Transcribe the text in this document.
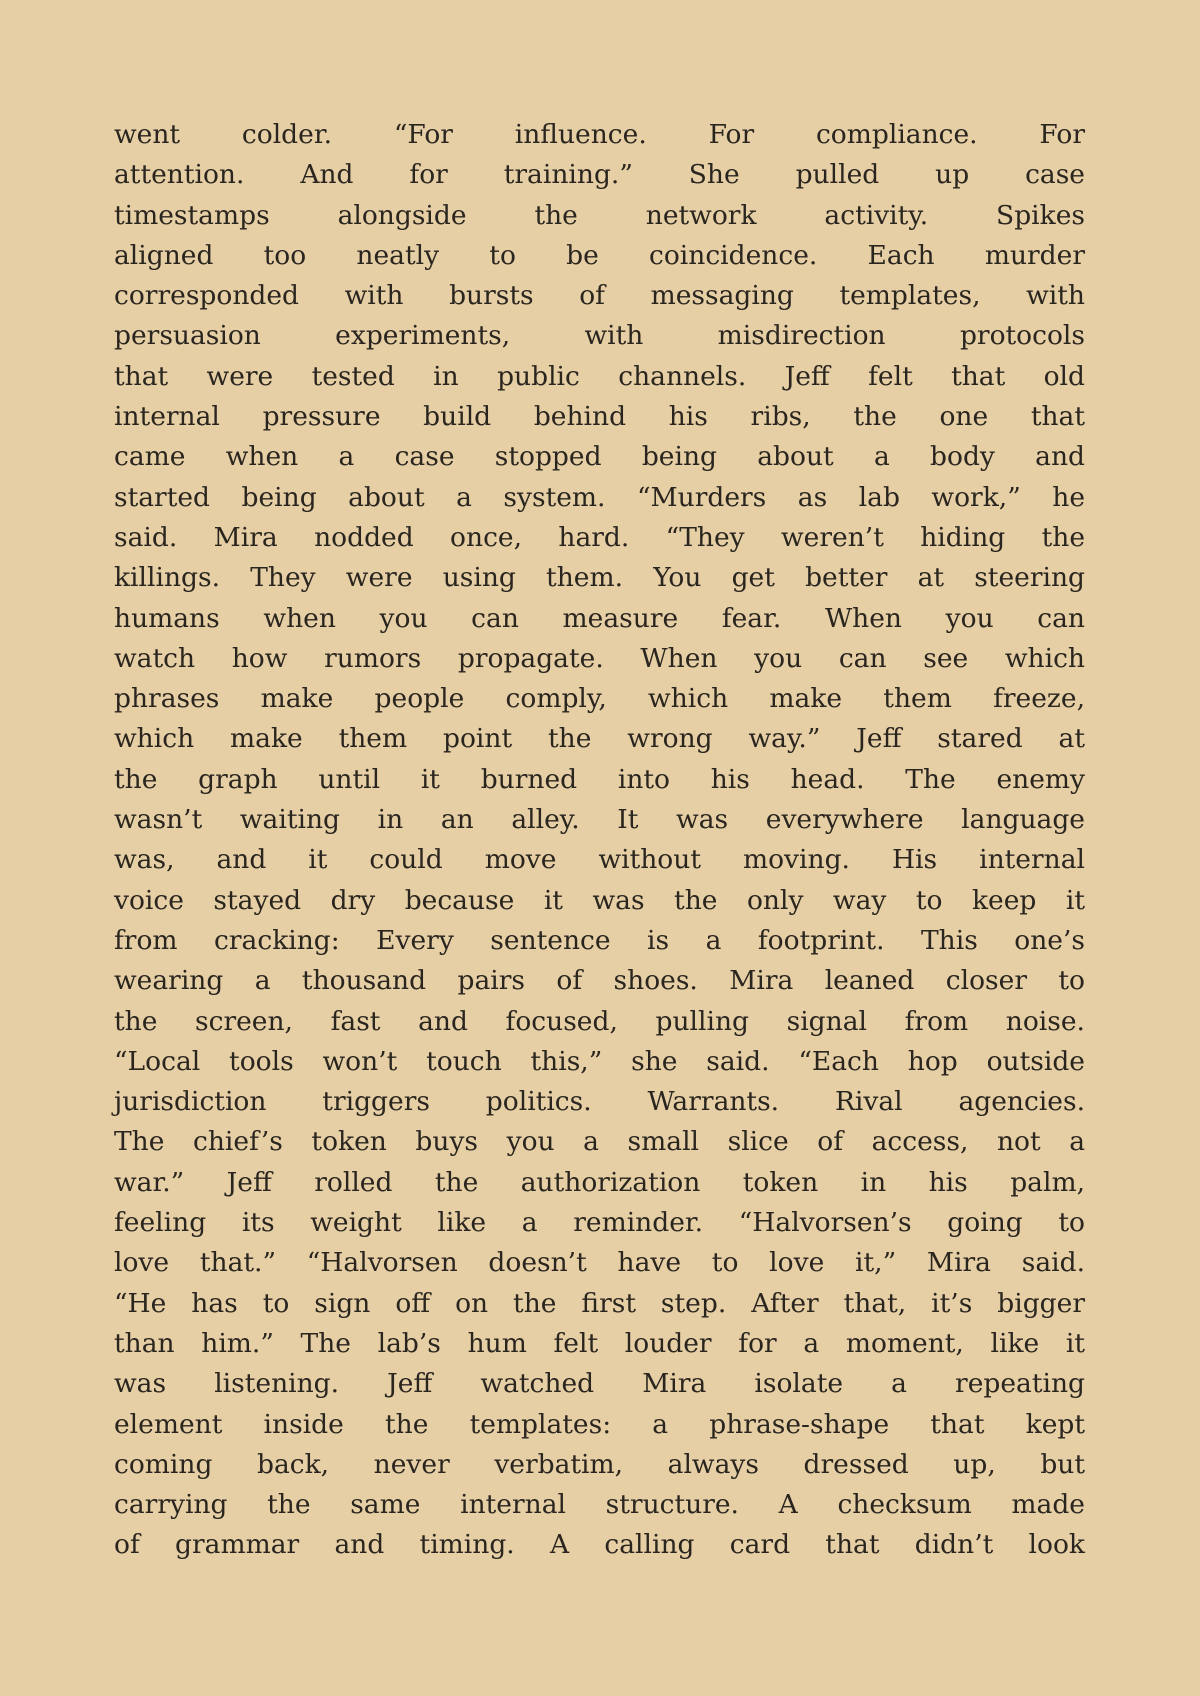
went colder. “For influence. For compliance. For
attention. And for training.” She pulled up case
timestamps alongside the network activity. Spikes
aligned too neatly to be coincidence. Each murder
corresponded with bursts of messaging templates, with
persuasion experiments, with misdirection protocols
that were tested in public channels. Jeff felt that old
internal pressure build behind his ribs, the one that
came when a case stopped being about a body and
started being about a system. “Murders as lab work,” he
said. Mira nodded once, hard. “They weren’t hiding the
killings. They were using them. You get better at steering
humans when you can measure fear. When you can
watch how rumors propagate. When you can see which
phrases make people comply, which make them freeze,
which make them point the wrong way.” Jeff stared at
the graph until it burned into his head. The enemy
wasn’t waiting in an alley. It was everywhere language
was, and it could move without moving. His internal
voice stayed dry because it was the only way to keep it
from cracking: Every sentence is a footprint. This one’s
wearing a thousand pairs of shoes. Mira leaned closer to
the screen, fast and focused, pulling signal from noise.
“Local tools won’t touch this,” she said. “Each hop outside
jurisdiction triggers politics. Warrants. Rival agencies.
The chief’s token buys you a small slice of access, not a
war.” Jeff rolled the authorization token in his palm,
feeling its weight like a reminder. “Halvorsen’s going to
love that.” “Halvorsen doesn’t have to love it,” Mira said.
“He has to sign off on the first step. After that, it’s bigger
than him.” The lab’s hum felt louder for a moment, like it
was listening. Jeff watched Mira isolate a repeating
element inside the templates: a phrase-shape that kept
coming back, never verbatim, always dressed up, but
carrying the same internal structure. A checksum made
of grammar and timing. A calling card that didn’t look
